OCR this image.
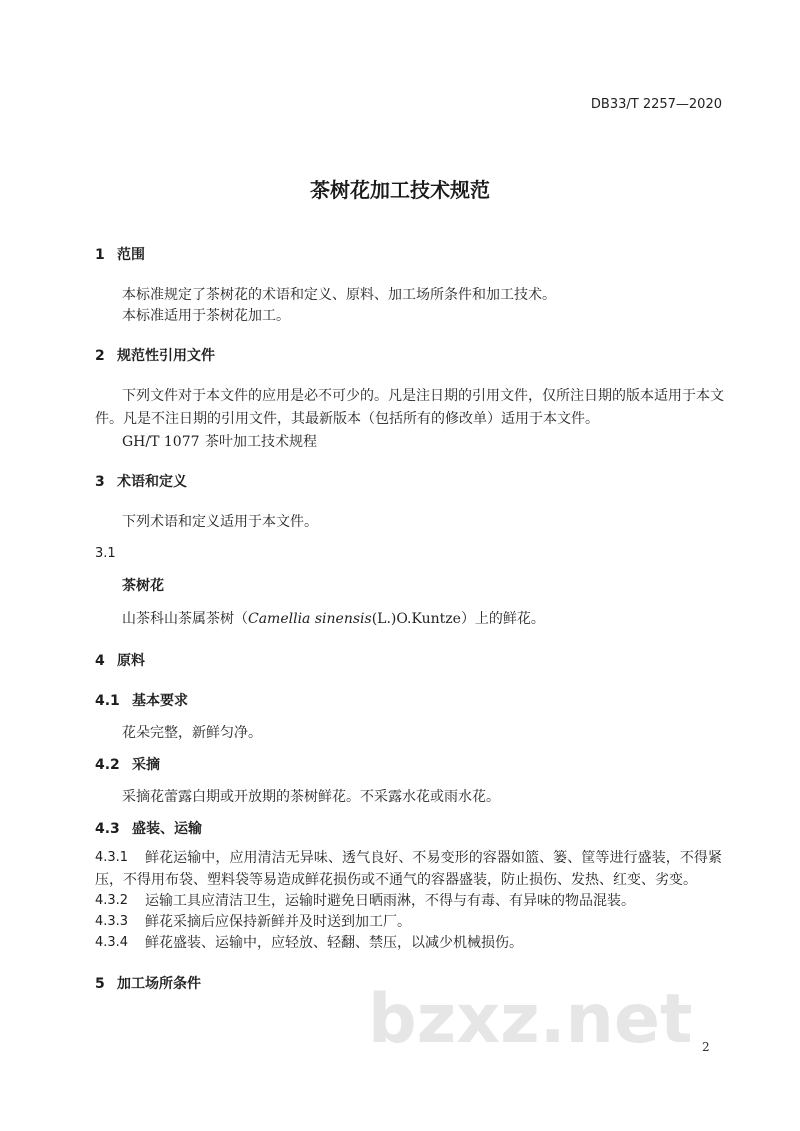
DB33/T 2257—2020
茶树花加工技术规范
1 范围
本标准规定了茶树花的术语和定义、原料、加工场所条件和加工技术。
本标准适用于茶树花加工。
2 规范性引用文件
下列文件对于本文件的应用是必不可少的。凡是注日期的引用文件，仅所注日期的版本适用于本文
件。凡是不注日期的引用文件，其最新版本（包括所有的修改单）适用于本文件。
GH/T 1077 茶叶加工技术规程
3 术语和定义
下列术语和定义适用于本文件。
3.1
茶树花
山茶科山茶属茶树（Camellia sinensis(L.)O.Kuntze）上的鲜花。
4 原料
4.1 基本要求
花朵完整，新鲜匀净。
4.2 采摘
采摘花蕾露白期或开放期的茶树鲜花。不采露水花或雨水花。
4.3 盛装、运输
4.3.1 鲜花运输中，应用清洁无异味、透气良好、不易变形的容器如篮、篓、筐等进行盛装，不得紧
压，不得用布袋、塑料袋等易造成鲜花损伤或不通气的容器盛装，防止损伤、发热、红变、劣变。
4.3.2 运输工具应清洁卫生，运输时避免日晒雨淋，不得与有毒、有异味的物品混装。
4.3.3 鲜花采摘后应保持新鲜并及时送到加工厂。
4.3.4 鲜花盛装、运输中，应轻放、轻翻、禁压，以减少机械损伤。
5 加工场所条件 bzxz.net 2
